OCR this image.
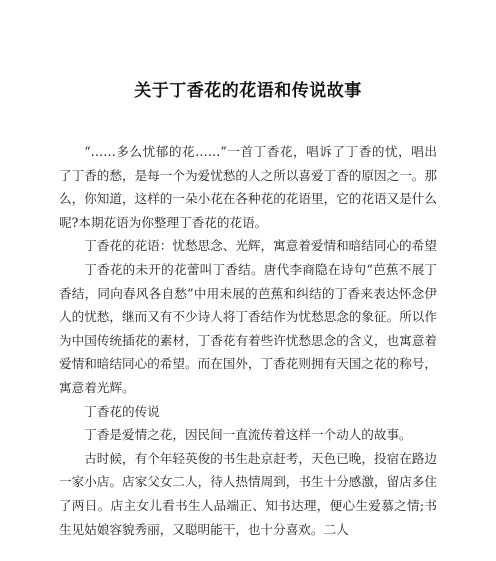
关于丁香花的花语和传说故事

“……多么忧郁的花……”一首丁香花，唱诉了丁香的忧，唱出了丁香的愁，是每一个为爱忧愁的人之所以喜爱丁香的原因之一。那么，你知道，这样的一朵小花在各种花的花语里，它的花语又是什么呢?本期花语为你整理丁香花的花语。

丁香花的花语：忧愁思念、光辉，寓意着爱情和暗结同心的希望

丁香花的未开的花蕾叫丁香结。唐代李商隐在诗句“芭蕉不展丁香结，同向春风各自愁”中用未展的芭蕉和纠结的丁香来表达怀念伊人的忧愁，继而又有不少诗人将丁香结作为忧愁思念的象征。所以作为中国传统插花的素材，丁香花有着些许忧愁思念的含义，也寓意着爱情和暗结同心的希望。而在国外，丁香花则拥有天国之花的称号，寓意着光辉。

丁香花的传说

丁香是爱情之花，因民间一直流传着这样一个动人的故事。

古时候，有个年轻英俊的书生赴京赶考，天色已晚，投宿在路边一家小店。店家父女二人，待人热情周到，书生十分感激，留店多住了两日。店主女儿看书生人品端正、知书达理，便心生爱慕之情;书生见姑娘容貌秀丽，又聪明能干，也十分喜欢。二人
